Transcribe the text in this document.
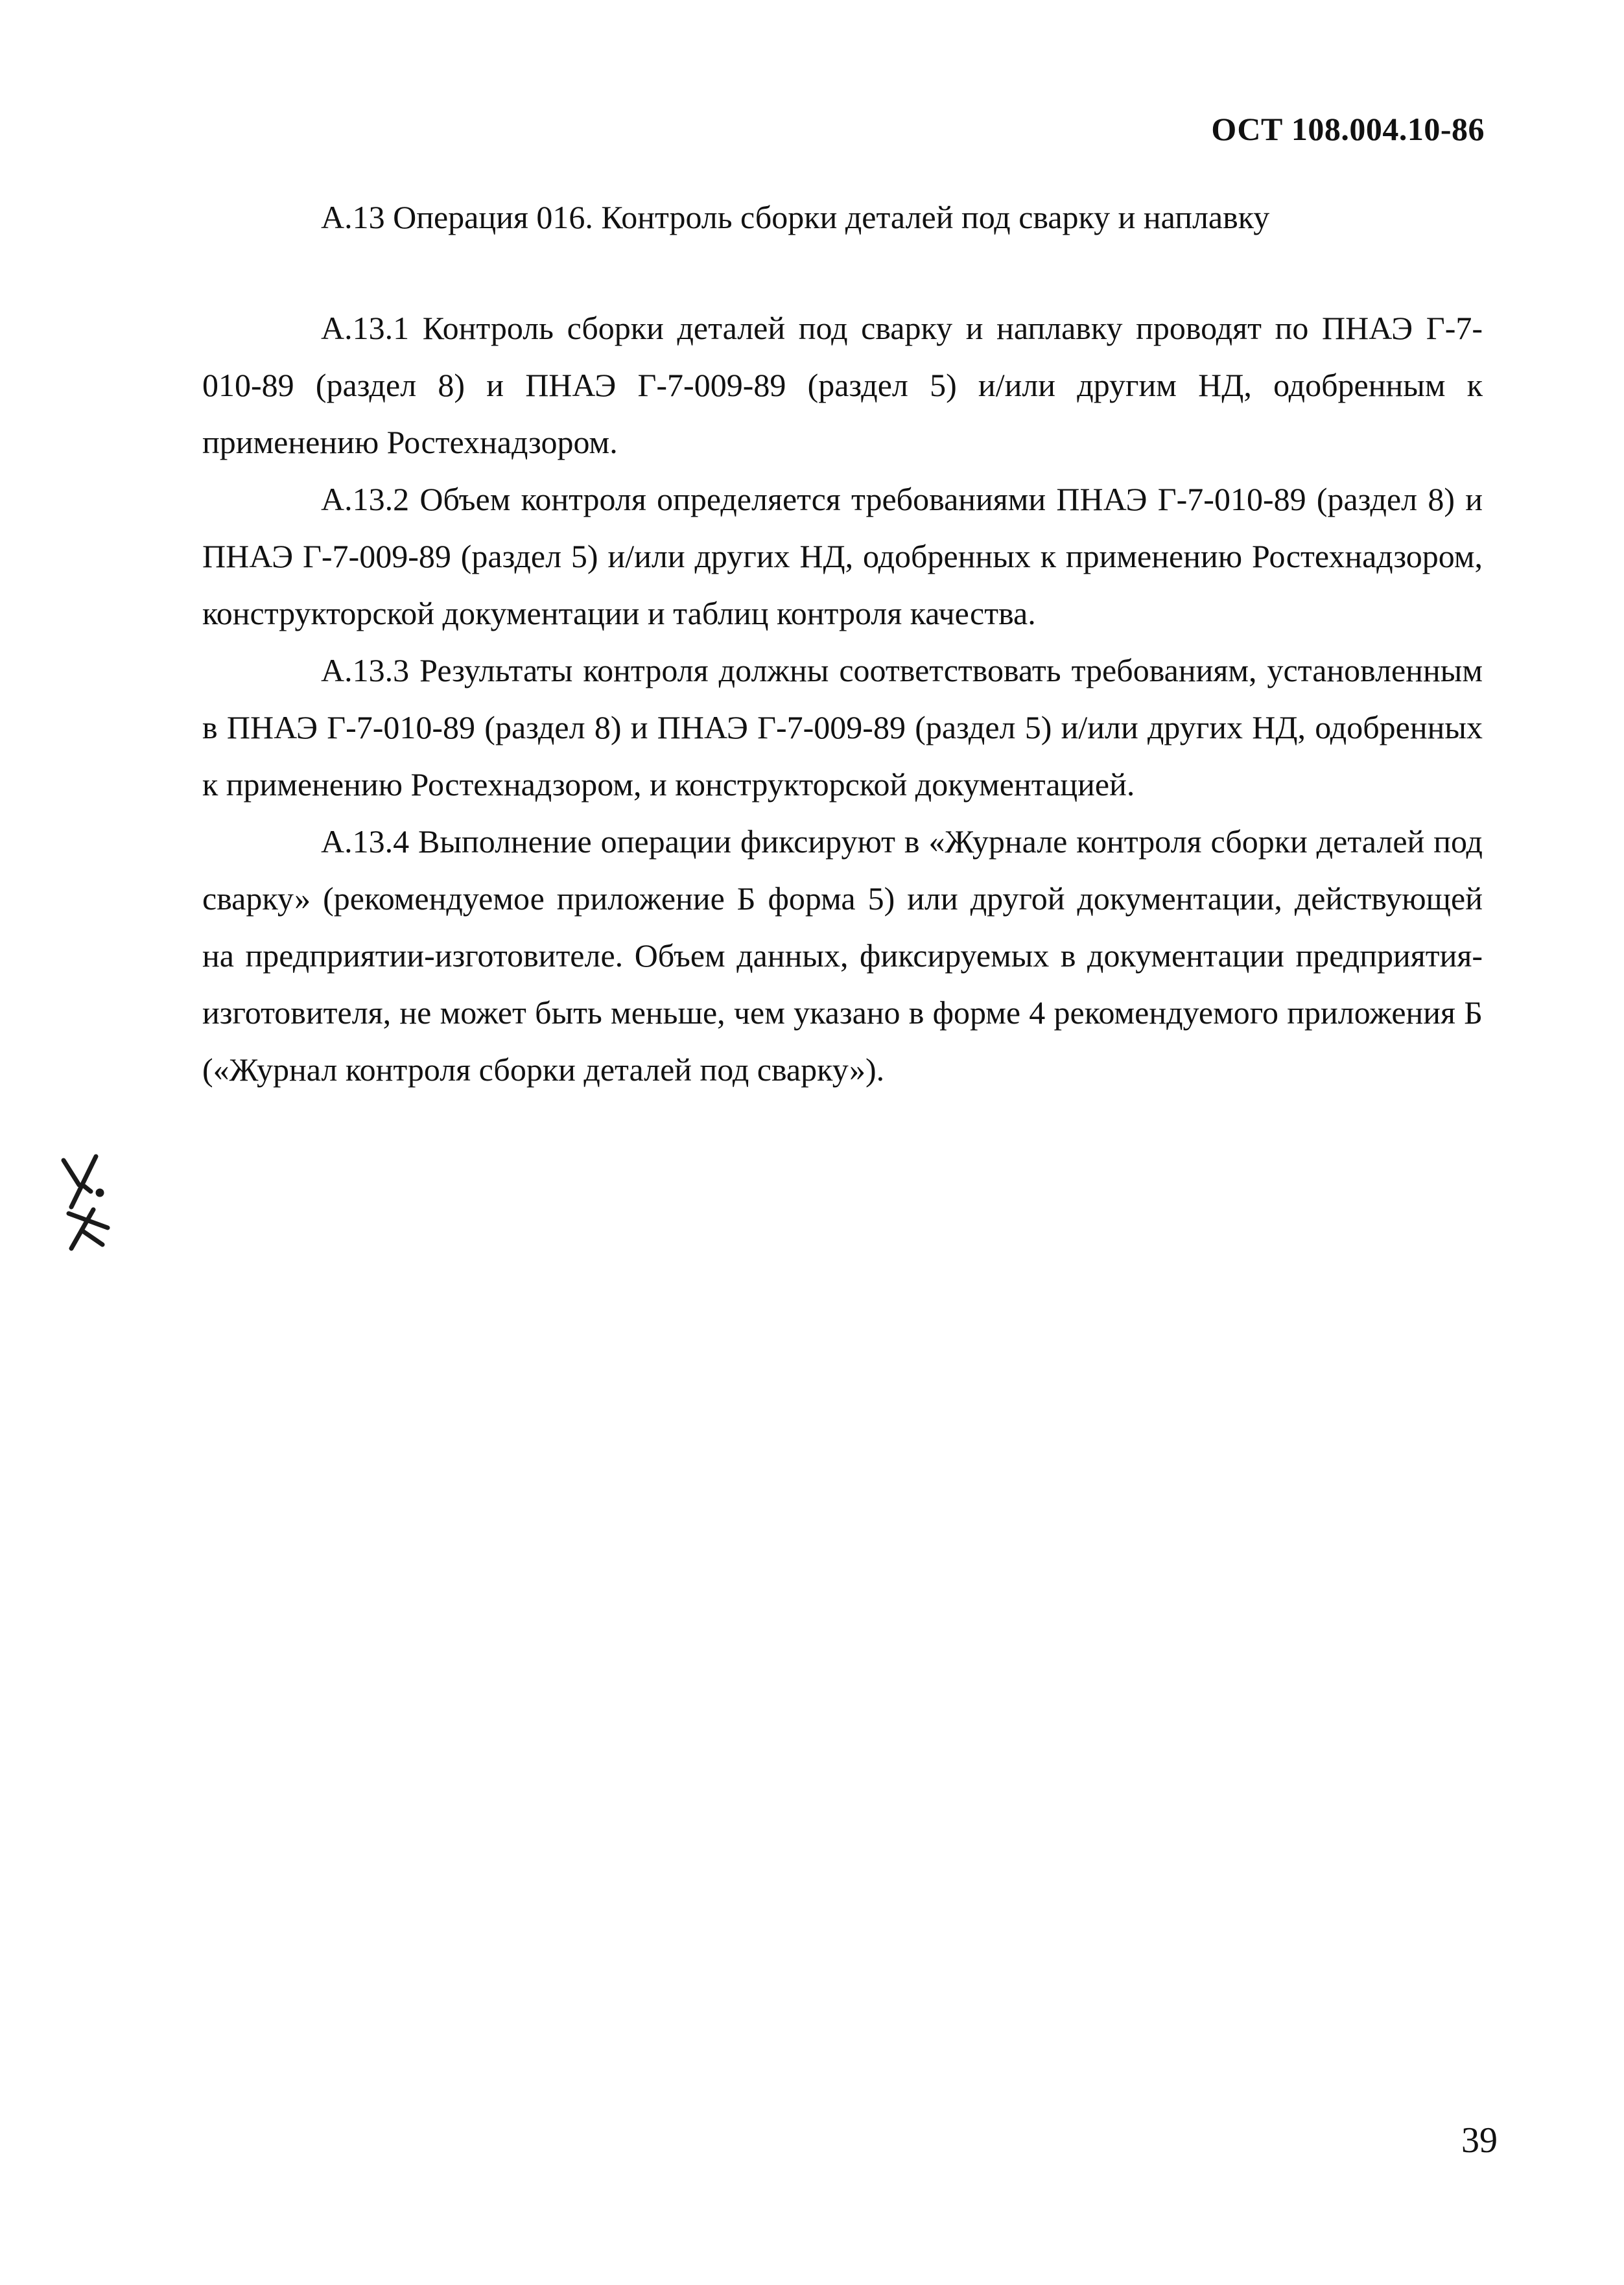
ОСТ 108.004.10-86

А.13 Операция 016. Контроль сборки деталей под сварку и наплавку

А.13.1 Контроль сборки деталей под сварку и наплавку проводят по ПНАЭ Г-7-010-89 (раздел 8) и ПНАЭ Г-7-009-89 (раздел 5) и/или другим НД, одобренным к применению Ростехнадзором.

А.13.2 Объем контроля определяется требованиями ПНАЭ Г-7-010-89 (раздел 8) и ПНАЭ Г-7-009-89 (раздел 5) и/или других НД, одобренных к применению Ростехнадзором, конструкторской документации и таблиц контроля качества.

А.13.3 Результаты контроля должны соответствовать требованиям, установленным в ПНАЭ Г-7-010-89 (раздел 8) и ПНАЭ Г-7-009-89 (раздел 5) и/или других НД, одобренных к применению Ростехнадзором, и конструкторской документацией.

А.13.4 Выполнение операции фиксируют в «Журнале контроля сборки деталей под сварку» (рекомендуемое приложение Б форма 5) или другой документации, действующей на предприятии-изготовителе. Объем данных, фиксируемых в документации предприятия-изготовителя, не может быть меньше, чем указано в форме 4 рекомендуемого приложения Б («Журнал контроля сборки деталей под сварку»).

39
